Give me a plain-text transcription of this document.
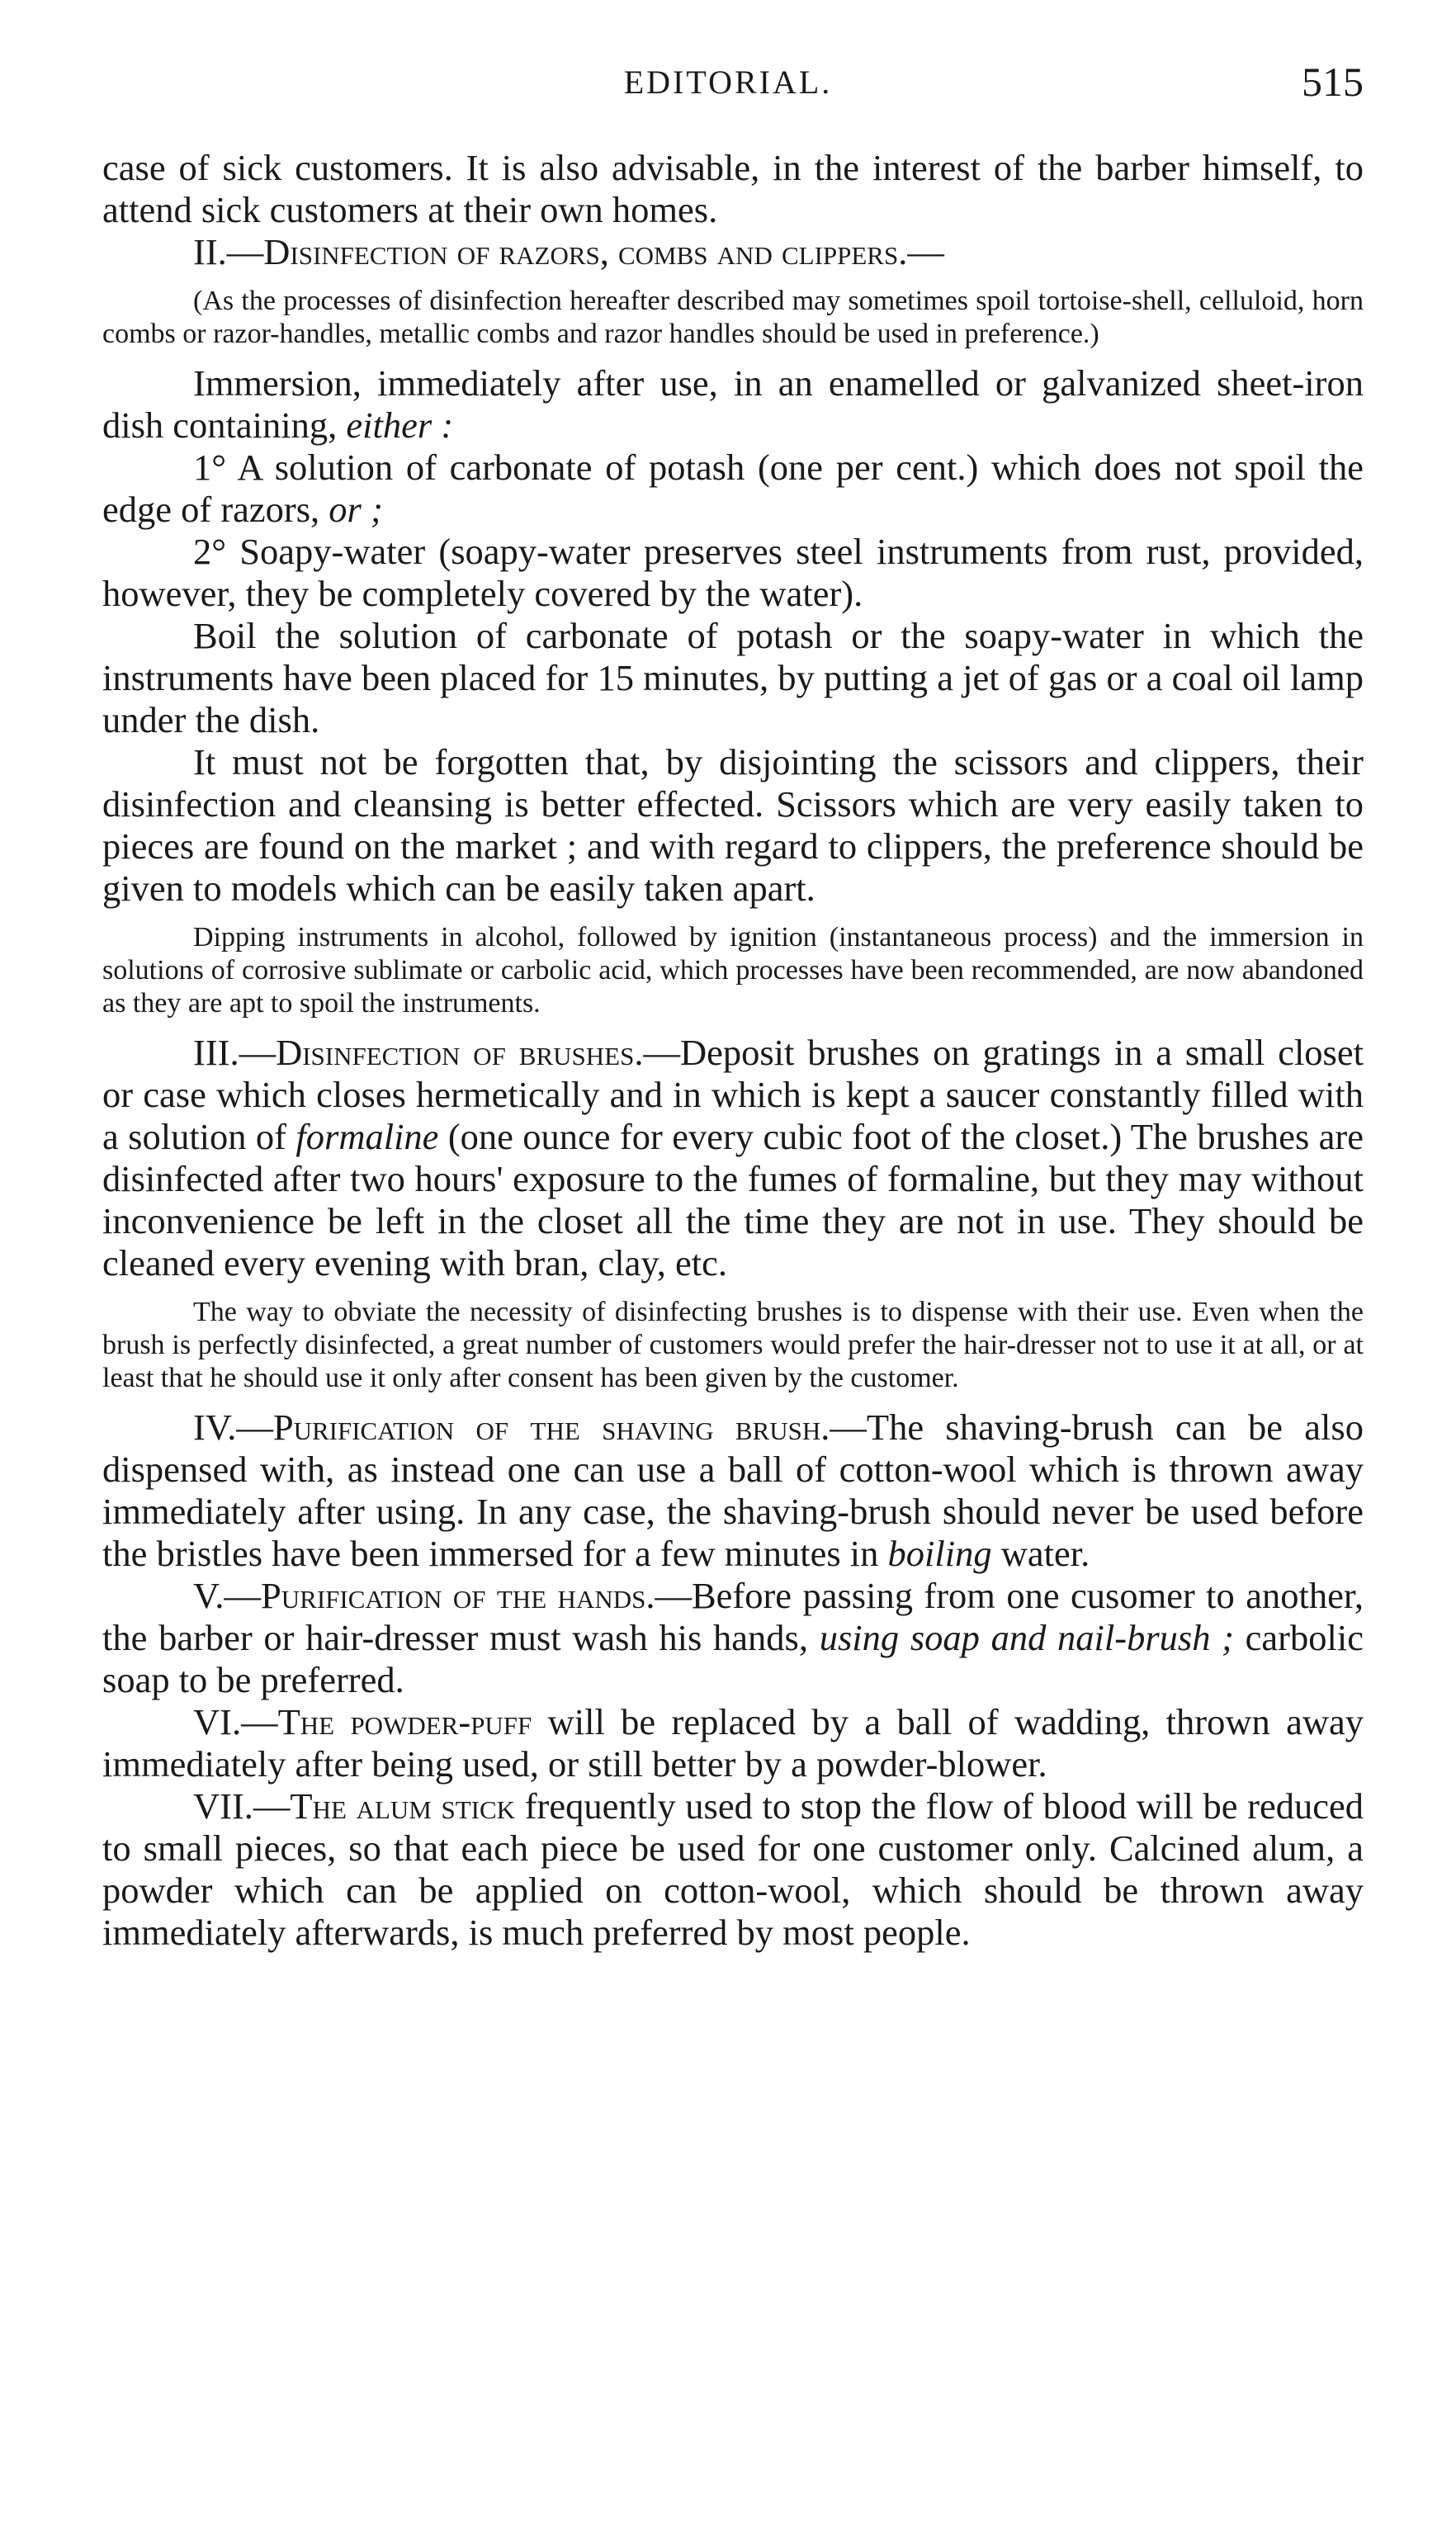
EDITORIAL.	515

case of sick customers. It is also advisable, in the interest of the barber himself, to attend sick customers at their own homes.

II.—Disinfection of razors, combs and clippers.—

(As the processes of disinfection hereafter described may sometimes spoil tortoise-shell, celluloid, horn combs or razor-handles, metallic combs and razor handles should be used in preference.)

Immersion, immediately after use, in an enamelled or galvanized sheet-iron dish containing, either :

1° A solution of carbonate of potash (one per cent.) which does not spoil the edge of razors, or ;

2° Soapy-water (soapy-water preserves steel instruments from rust, provided, however, they be completely covered by the water).

Boil the solution of carbonate of potash or the soapy-water in which the instruments have been placed for 15 minutes, by putting a jet of gas or a coal oil lamp under the dish.

It must not be forgotten that, by disjointing the scissors and clippers, their disinfection and cleansing is better effected. Scissors which are very easily taken to pieces are found on the market ; and with regard to clippers, the preference should be given to models which can be easily taken apart.

Dipping instruments in alcohol, followed by ignition (instantaneous process) and the immersion in solutions of corrosive sublimate or carbolic acid, which processes have been recommended, are now abandoned as they are apt to spoil the instruments.

III.—Disinfection of brushes.—Deposit brushes on gratings in a small closet or case which closes hermetically and in which is kept a saucer constantly filled with a solution of formaline (one ounce for every cubic foot of the closet.) The brushes are disinfected after two hours' exposure to the fumes of formaline, but they may without inconvenience be left in the closet all the time they are not in use. They should be cleaned every evening with bran, clay, etc.

The way to obviate the necessity of disinfecting brushes is to dispense with their use. Even when the brush is perfectly disinfected, a great number of customers would prefer the hair-dresser not to use it at all, or at least that he should use it only after consent has been given by the customer.

IV.—Purification of the shaving brush.—The shaving-brush can be also dispensed with, as instead one can use a ball of cotton-wool which is thrown away immediately after using. In any case, the shaving-brush should never be used before the bristles have been immersed for a few minutes in boiling water.

V.—Purification of the hands.—Before passing from one cusomer to another, the barber or hair-dresser must wash his hands, using soap and nail-brush ; carbolic soap to be preferred.

VI.—The powder-puff will be replaced by a ball of wadding, thrown away immediately after being used, or still better by a powder-blower.

VII.—The alum stick frequently used to stop the flow of blood will be reduced to small pieces, so that each piece be used for one customer only. Calcined alum, a powder which can be applied on cotton-wool, which should be thrown away immediately afterwards, is much preferred by most people.
